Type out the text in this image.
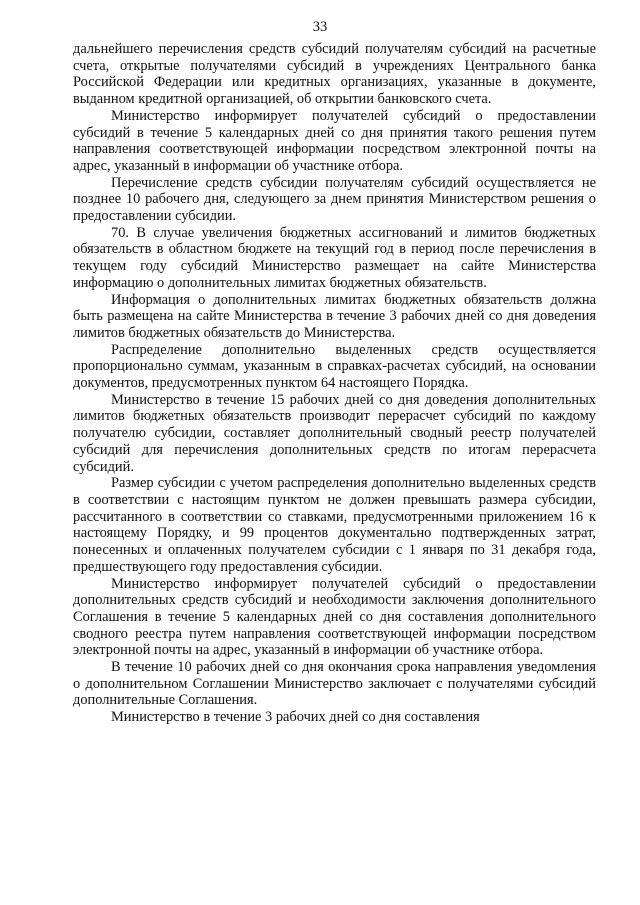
33

дальнейшего перечисления средств субсидий получателям субсидий на расчетные счета, открытые получателями субсидий в учреждениях Центрального банка Российской Федерации или кредитных организациях, указанные в документе, выданном кредитной организацией, об открытии банковского счета.

Министерство информирует получателей субсидий о предоставлении субсидий в течение 5 календарных дней со дня принятия такого решения путем направления соответствующей информации посредством электронной почты на адрес, указанный в информации об участнике отбора.

Перечисление средств субсидии получателям субсидий осуществляется не позднее 10 рабочего дня, следующего за днем принятия Министерством решения о предоставлении субсидии.

70. В случае увеличения бюджетных ассигнований и лимитов бюджетных обязательств в областном бюджете на текущий год в период после перечисления в текущем году субсидий Министерство размещает на сайте Министерства информацию о дополнительных лимитах бюджетных обязательств.

Информация о дополнительных лимитах бюджетных обязательств должна быть размещена на сайте Министерства в течение 3 рабочих дней со дня доведения лимитов бюджетных обязательств до Министерства.

Распределение дополнительно выделенных средств осуществляется пропорционально суммам, указанным в справках-расчетах субсидий, на основании документов, предусмотренных пунктом 64 настоящего Порядка.

Министерство в течение 15 рабочих дней со дня доведения дополнительных лимитов бюджетных обязательств производит перерасчет субсидий по каждому получателю субсидии, составляет дополнительный сводный реестр получателей субсидий для перечисления дополнительных средств по итогам перерасчета субсидий.

Размер субсидии с учетом распределения дополнительно выделенных средств в соответствии с настоящим пунктом не должен превышать размера субсидии, рассчитанного в соответствии со ставками, предусмотренными приложением 16 к настоящему Порядку, и 99 процентов документально подтвержденных затрат, понесенных и оплаченных получателем субсидии с 1 января по 31 декабря года, предшествующего году предоставления субсидии.

Министерство информирует получателей субсидий о предоставлении дополнительных средств субсидий и необходимости заключения дополнительного Соглашения в течение 5 календарных дней со дня составления дополнительного сводного реестра путем направления соответствующей информации посредством электронной почты на адрес, указанный в информации об участнике отбора.

В течение 10 рабочих дней со дня окончания срока направления уведомления о дополнительном Соглашении Министерство заключает с получателями субсидий дополнительные Соглашения.

Министерство в течение 3 рабочих дней со дня составления
